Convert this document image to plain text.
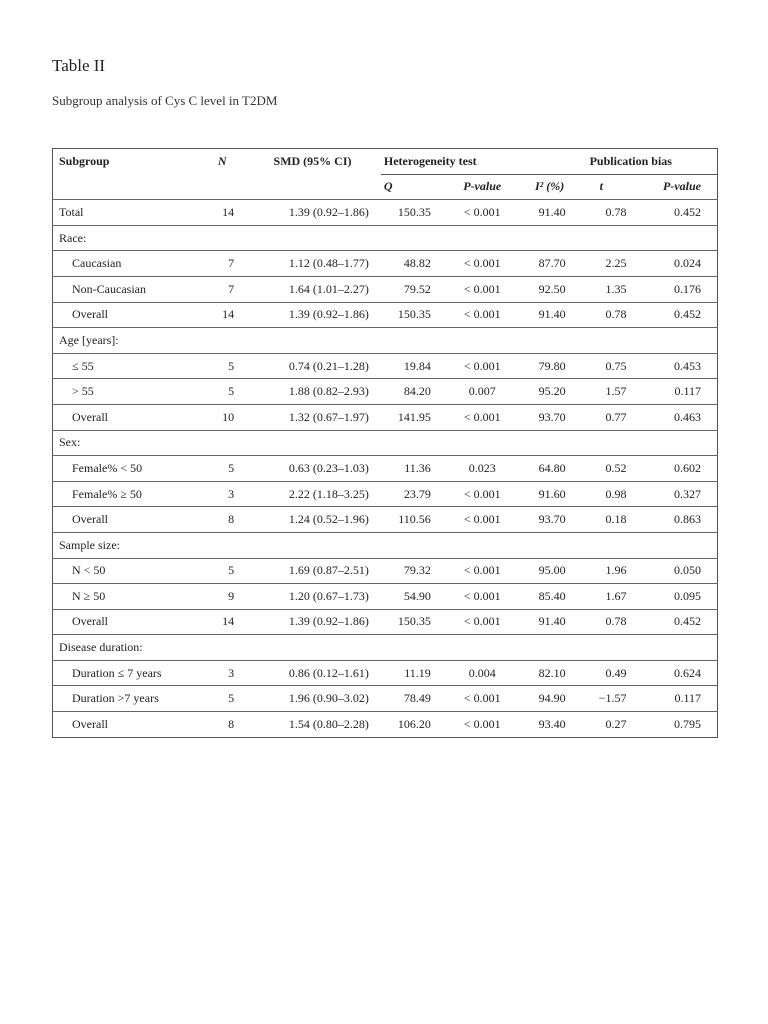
Table II

Subgroup analysis of Cys C level in T2DM

Subgroup	N	SMD (95% CI)	Heterogeneity test			Publication bias	
			Q	P-value	I² (%)	t	P-value
Total	14	1.39 (0.92–1.86)	150.35	< 0.001	91.40	0.78	0.452
Race:							
Caucasian	7	1.12 (0.48–1.77)	48.82	< 0.001	87.70	2.25	0.024
Non-Caucasian	7	1.64 (1.01–2.27)	79.52	< 0.001	92.50	1.35	0.176
Overall	14	1.39 (0.92–1.86)	150.35	< 0.001	91.40	0.78	0.452
Age [years]:							
≤ 55	5	0.74 (0.21–1.28)	19.84	< 0.001	79.80	0.75	0.453
> 55	5	1.88 (0.82–2.93)	84.20	0.007	95.20	1.57	0.117
Overall	10	1.32 (0.67–1.97)	141.95	< 0.001	93.70	0.77	0.463
Sex:							
Female% < 50	5	0.63 (0.23–1.03)	11.36	0.023	64.80	0.52	0.602
Female% ≥ 50	3	2.22 (1.18–3.25)	23.79	< 0.001	91.60	0.98	0.327
Overall	8	1.24 (0.52–1.96)	110.56	< 0.001	93.70	0.18	0.863
Sample size:							
N < 50	5	1.69 (0.87–2.51)	79.32	< 0.001	95.00	1.96	0.050
N ≥ 50	9	1.20 (0.67–1.73)	54.90	< 0.001	85.40	1.67	0.095
Overall	14	1.39 (0.92–1.86)	150.35	< 0.001	91.40	0.78	0.452
Disease duration:							
Duration ≤ 7 years	3	0.86 (0.12–1.61)	11.19	0.004	82.10	0.49	0.624
Duration >7 years	5	1.96 (0.90–3.02)	78.49	< 0.001	94.90	−1.57	0.117
Overall	8	1.54 (0.80–2.28)	106.20	< 0.001	93.40	0.27	0.795
